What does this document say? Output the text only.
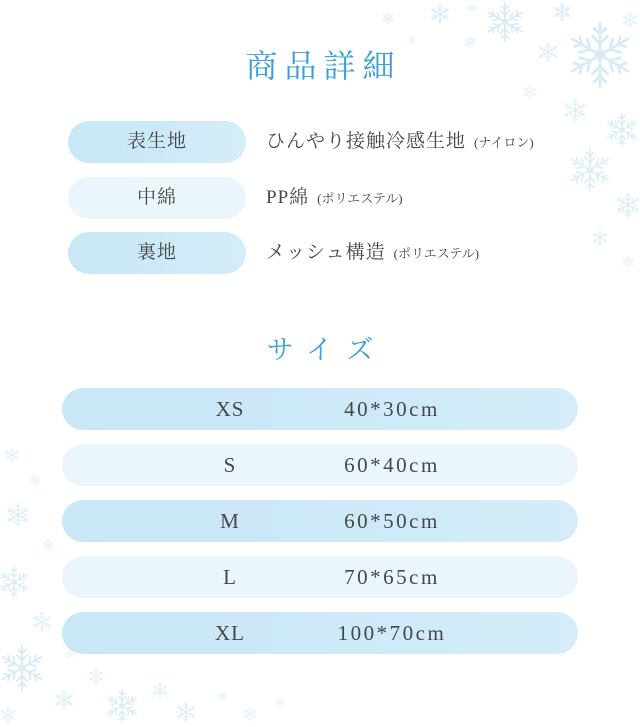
商品詳細
表生地	ひんやり接触冷感生地 (ナイロン)
中綿	PP綿 (ポリエステル)
裏地	メッシュ構造 (ポリエステル)
サイズ
XS	40*30cm
S	60*40cm
M	60*50cm
L	70*65cm
XL	100*70cm
